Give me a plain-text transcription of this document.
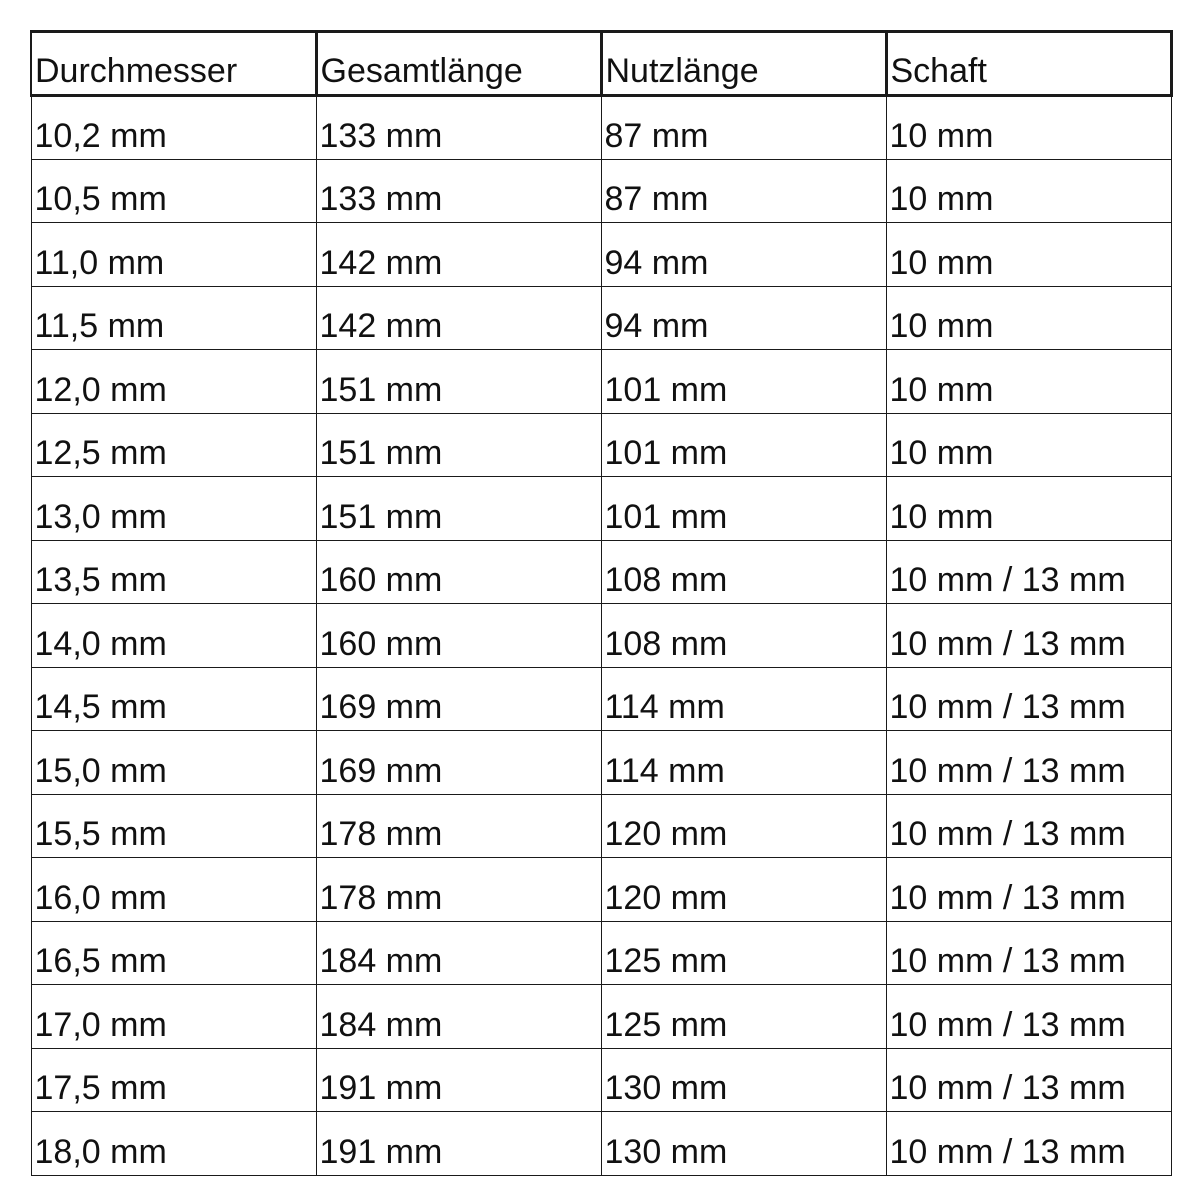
Durchmesser	Gesamtlänge	Nutzlänge	Schaft
10,2 mm	133 mm	87 mm	10 mm
10,5 mm	133 mm	87 mm	10 mm
11,0 mm	142 mm	94 mm	10 mm
11,5 mm	142 mm	94 mm	10 mm
12,0 mm	151 mm	101 mm	10 mm
12,5 mm	151 mm	101 mm	10 mm
13,0 mm	151 mm	101 mm	10 mm
13,5 mm	160 mm	108 mm	10 mm / 13 mm
14,0 mm	160 mm	108 mm	10 mm / 13 mm
14,5 mm	169 mm	114 mm	10 mm / 13 mm
15,0 mm	169 mm	114 mm	10 mm / 13 mm
15,5 mm	178 mm	120 mm	10 mm / 13 mm
16,0 mm	178 mm	120 mm	10 mm / 13 mm
16,5 mm	184 mm	125 mm	10 mm / 13 mm
17,0 mm	184 mm	125 mm	10 mm / 13 mm
17,5 mm	191 mm	130 mm	10 mm / 13 mm
18,0 mm	191 mm	130 mm	10 mm / 13 mm
